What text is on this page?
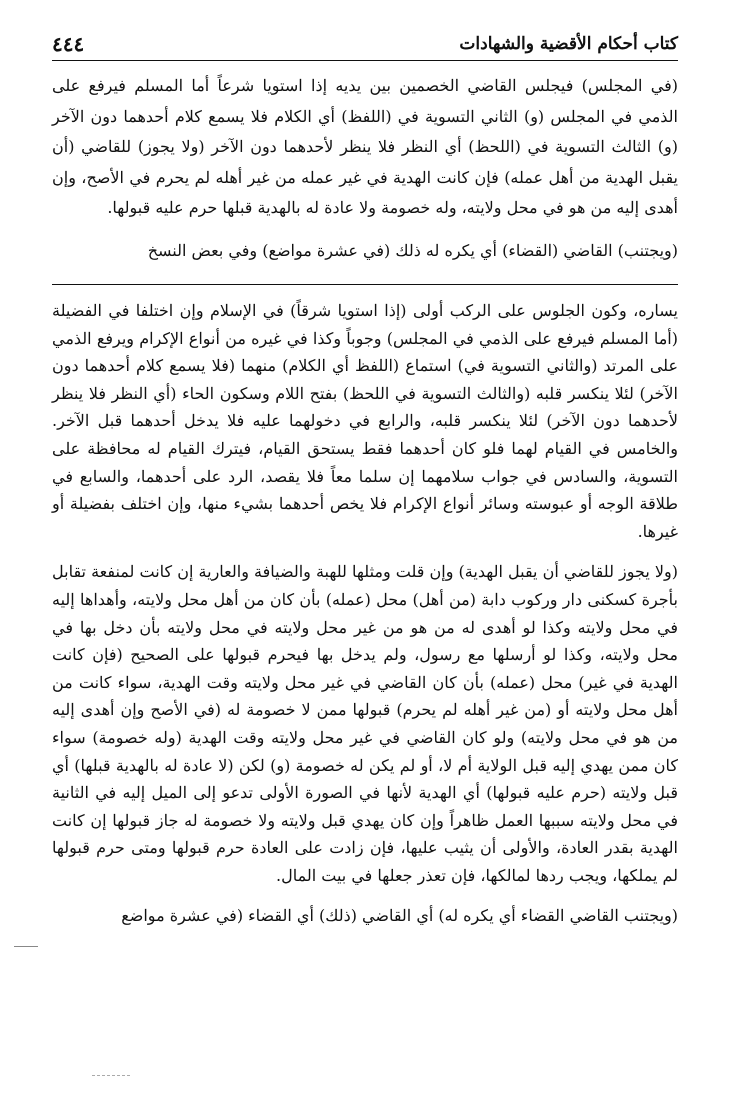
كتاب أحكام الأقضية والشهادات
٤٤٤

(في المجلس) فيجلس القاضي الخصمين بين يديه إذا استويا شرعاً أما المسلم فيرفع على الذمي في المجلس (و) الثاني التسوية في (اللفظ) أي الكلام فلا يسمع كلام أحدهما دون الآخر (و) الثالث التسوية في (اللحظ) أي النظر فلا ينظر لأحدهما دون الآخر (ولا يجوز) للقاضي (أن يقبل الهدية من أهل عمله) فإن كانت الهدية في غير عمله من غير أهله لم يحرم في الأصح، وإن أهدى إليه من هو في محل ولايته، وله خصومة ولا عادة له بالهدية قبلها حرم عليه قبولها.

(ويجتنب) القاضي (القضاء) أي يكره له ذلك (في عشرة مواضع) وفي بعض النسخ

يساره، وكون الجلوس على الركب أولى (إذا استويا شرقاً) في الإسلام وإن اختلفا في الفضيلة (أما المسلم فيرفع على الذمي في المجلس) وجوباً وكذا في غيره من أنواع الإكرام ويرفع الذمي على المرتد (والثاني التسوية في) استماع (اللفظ أي الكلام) منهما (فلا يسمع كلام أحدهما دون الآخر) لئلا ينكسر قلبه (والثالث التسوية في اللحظ) بفتح اللام وسكون الحاء (أي النظر فلا ينظر لأحدهما دون الآخر) لئلا ينكسر قلبه، والرابع في دخولهما عليه فلا يدخل أحدهما قبل الآخر. والخامس في القيام لهما فلو كان أحدهما فقط يستحق القيام، فيترك القيام له محافظة على التسوية، والسادس في جواب سلامهما إن سلما معاً فلا يقصد، الرد على أحدهما، والسابع في طلاقة الوجه أو عبوسته وسائر أنواع الإكرام فلا يخص أحدهما بشيء منها، وإن اختلف بفضيلة أو غيرها.

(ولا يجوز للقاضي أن يقبل الهدية) وإن قلت ومثلها للهبة والضيافة والعارية إن كانت لمنفعة تقابل بأجرة كسكنى دار وركوب دابة (من أهل) محل (عمله) بأن كان من أهل محل ولايته، وأهداها إليه في محل ولايته وكذا لو أهدى له من هو من غير محل ولايته في محل ولايته بأن دخل بها في محل ولايته، وكذا لو أرسلها مع رسول، ولم يدخل بها فيحرم قبولها على الصحيح (فإن كانت الهدية في غير) محل (عمله) بأن كان القاضي في غير محل ولايته وقت الهدية، سواء كانت من أهل محل ولايته أو (من غير أهله لم يحرم) قبولها ممن لا خصومة له (في الأصح وإن أهدى إليه من هو في محل ولايته) ولو كان القاضي في غير محل ولايته وقت الهدية (وله خصومة) سواء كان ممن يهدي إليه قبل الولاية أم لا، أو لم يكن له خصومة (و) لكن (لا عادة له بالهدية قبلها) أي قبل ولايته (حرم عليه قبولها) أي الهدية لأنها في الصورة الأولى تدعو إلى الميل إليه في الثانية في محل ولايته سببها العمل ظاهراً وإن كان يهدي قبل ولايته ولا خصومة له جاز قبولها إن كانت الهدية بقدر العادة، والأولى أن يثيب عليها، فإن زادت على العادة حرم قبولها ومتى حرم قبولها لم يملكها، ويجب ردها لمالكها، فإن تعذر جعلها في بيت المال.

(ويجتنب القاضي القضاء أي يكره له) أي القاضي (ذلك) أي القضاء (في عشرة مواضع
